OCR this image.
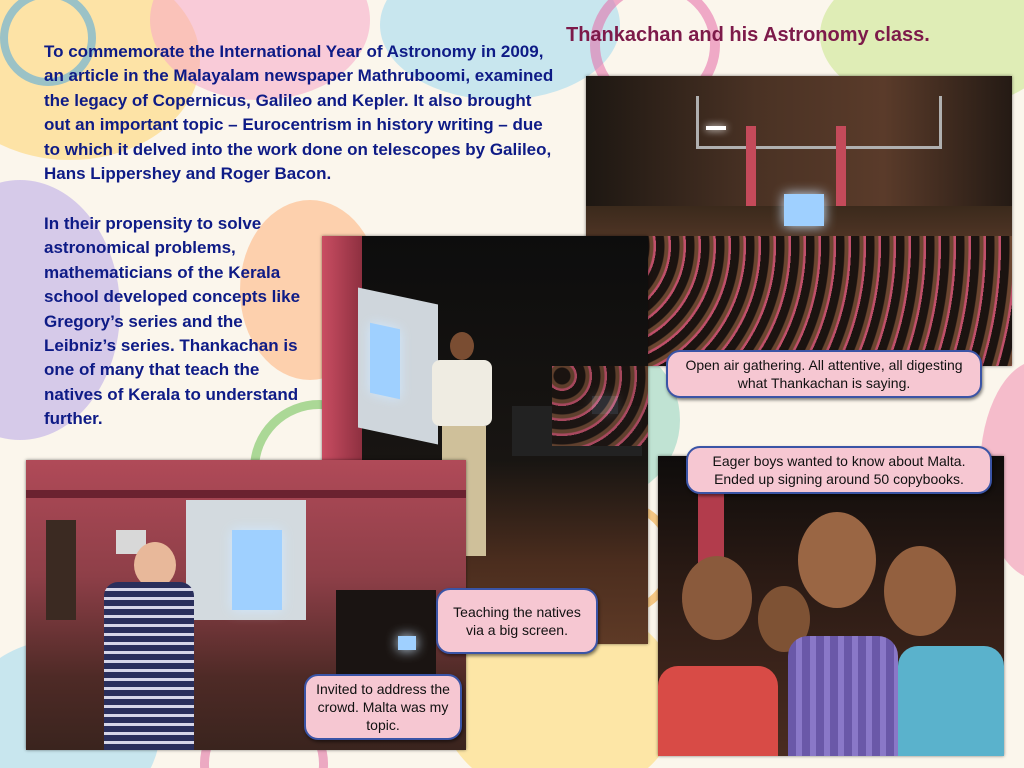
Thankachan and his Astronomy class.

To commemorate the International Year of Astronomy in 2009, an article in the Malayalam newspaper Mathruboomi, examined the legacy of Copernicus, Galileo and Kepler. It also brought out an important topic – Eurocentrism in history writing – due to which it delved into the work done on telescopes by Galileo, Hans Lippershey and Roger Bacon.

In their propensity to solve astronomical problems, mathematicians of the Kerala school developed concepts like Gregory’s series and the Leibniz’s series. Thankachan is one of many that teach the natives of Kerala to understand further.

Open air gathering. All attentive, all digesting what Thankachan is saying.
Eager boys wanted to know about Malta. Ended up signing around 50 copybooks.
Teaching the natives via a big screen.
Invited to address the crowd. Malta was my topic.
